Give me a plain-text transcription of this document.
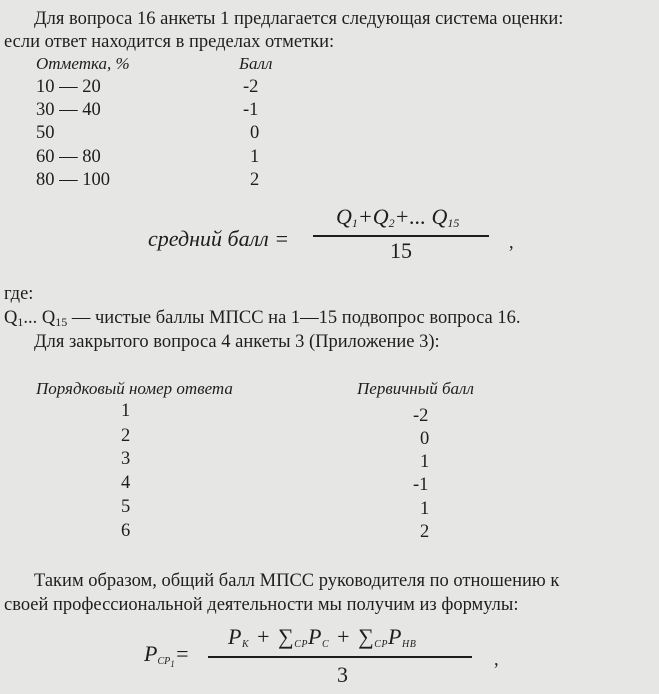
Для вопроса 16 анкеты 1 предлагается следующая система оценки:
если ответ находится в пределах отметки:
Отметка, %	Балл
10 — 20	-2
30 — 40	-1
50	0
60 — 80	1
80 — 100	2
средний балл =
$Q_1+Q_2+$... $Q_{15}$
15	,
где:
$Q_1$... $Q_{15}$ — чистые баллы МПСС на 1—15 подвопрос вопроса 16.
Для закрытого вопроса 4 анкеты 3 (Приложение 3):
Порядковый номер ответа	Первичный балл
1	-2
2	0
3	1
4	-1
5	1
6	2
Таким образом, общий балл МПСС руководителя по отношению к
своей профессиональной деятельности мы получим из формулы:
$P_{CP1}=$
$P_K + \sum_{CP}P_C + \sum_{CP}P_{HB}$
3
,
